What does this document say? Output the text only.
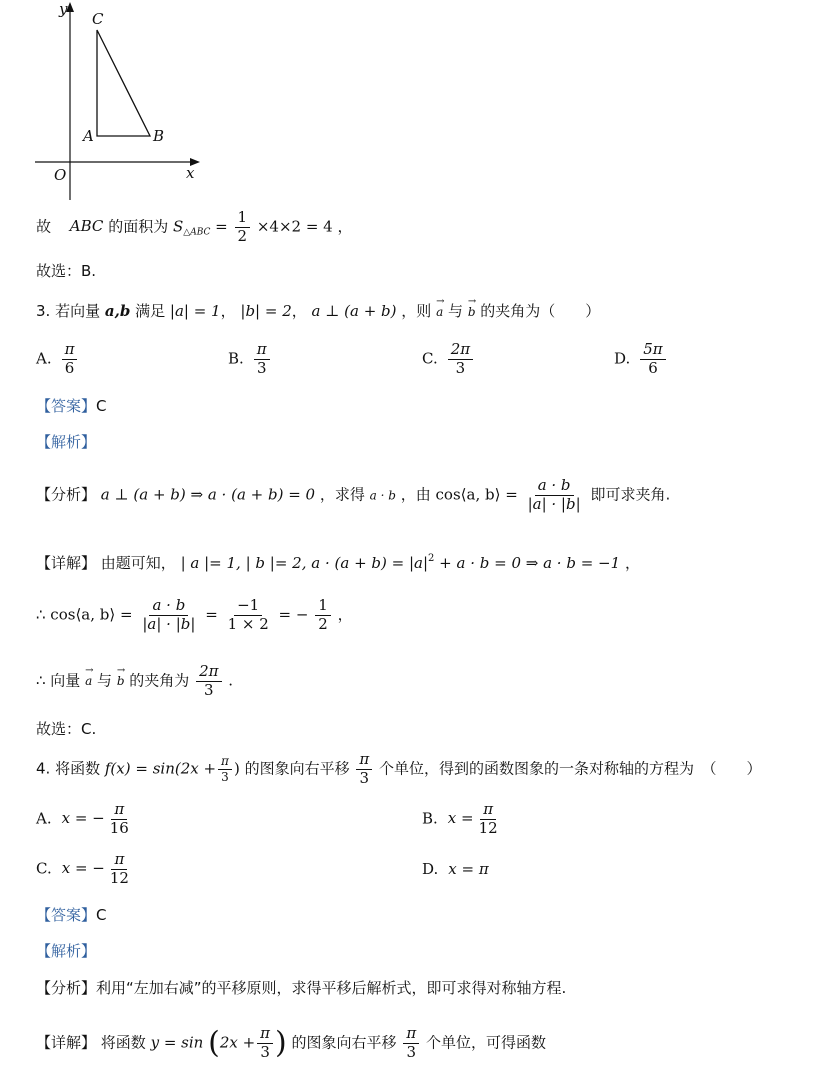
y
C
A	B
O	x
故 ABC 的面积为 $S_{\triangle ABC} = \frac{1}{2} \times 4\times 2 = 4$ ，
故选：B.
3. 若向量 a,b 满足 |a| = 1， |b| = 2， a ⊥ (a + b) ，则 → a 与 → b 的夹角为（　　）
A. $\frac{\pi}{6}$	B. $\frac{\pi}{3}$	C. $\frac{2\pi}{3}$	D. $\frac{5\pi}{6}$
【答案】C
【解析】
【分析】 a ⊥ (a + b) ⇒ a · (a + b) = 0 ，求得 a · b ，由 cos⟨a, b⟩ = $\frac{a \cdot b}{|a| \cdot |b|}$ 即可求夹角.
【详解】 由题可知， | a |= 1, | b |= 2, $a \cdot (a + b) = |a|^2 + a \cdot b = 0$ ⇒ a · b = −1 ，
∴ cos⟨a, b⟩ = $\frac{a \cdot b}{|a| \cdot |b|} = \frac{-1}{1 \times 2}$ = − $\frac{1}{2}$ ，
∴ 向量 → a 与 → b 的夹角为 $\frac{2\pi}{3}$ .
故选：C.
4. 将函数 $f(x) = \sin(2x + \frac{\pi}{3}$ ) 的图象向右平移 $\frac{\pi}{3}$ 个单位，得到的函数图象的一条对称轴的方程为　（　　）
A. x = − $\frac{\pi}{16}$	B. $x = \frac{\pi}{12}$
C. x = − $\frac{\pi}{12}$	D. x = π
【答案】C
【解析】
【分析】利用“左加右减”的平移原则，求得平移后解析式，即可求得对称轴方程.
【详解】 将函数 $y = \sin (2x + \frac{\pi}{3}$ ) 的图象向右平移 $\frac{\pi}{3}$ 个单位，可得函数
